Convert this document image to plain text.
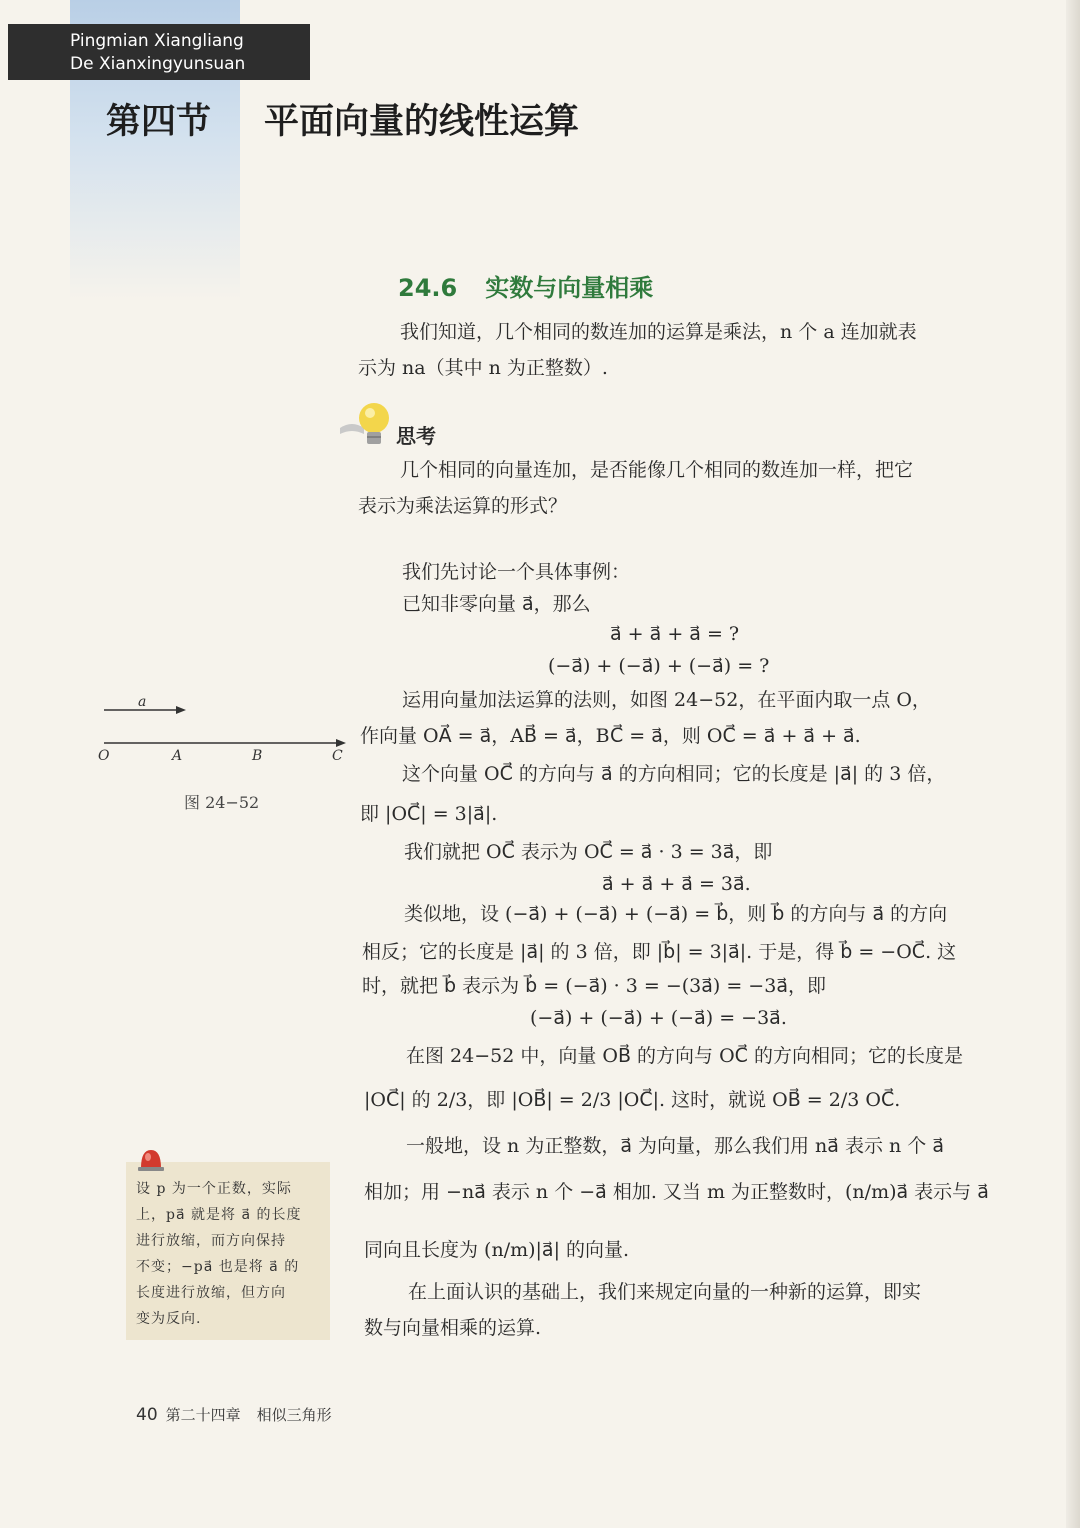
Pingmian Xiangliang
De Xianxingyunsuan
第四节 平面向量的线性运算
24.6 实数与向量相乘
我们知道，几个相同的数连加的运算是乘法，n 个 a 连加就表
示为 na（其中 n 为正整数）.
思考
几个相同的向量连加，是否能像几个相同的数连加一样，把它
表示为乘法运算的形式？
我们先讨论一个具体事例：
已知非零向量 a⃗，那么
a⃗ + a⃗ + a⃗ = ?
(−a⃗) + (−a⃗) + (−a⃗) = ?
运用向量加法运算的法则，如图 24−52，在平面内取一点 O，
作向量 OA⃗ = a⃗，AB⃗ = a⃗，BC⃗ = a⃗，则 OC⃗ = a⃗ + a⃗ + a⃗.
这个向量 OC⃗ 的方向与 a⃗ 的方向相同；它的长度是 |a⃗| 的 3 倍，
即 |OC⃗| = 3|a⃗|.
我们就把 OC⃗ 表示为 OC⃗ = a⃗ · 3 = 3a⃗，即
a⃗ + a⃗ + a⃗ = 3a⃗.
类似地，设 (−a⃗) + (−a⃗) + (−a⃗) = b⃗，则 b⃗ 的方向与 a⃗ 的方向
相反；它的长度是 |a⃗| 的 3 倍，即 |b⃗| = 3|a⃗|. 于是，得 b⃗ = −OC⃗. 这
时，就把 b⃗ 表示为 b⃗ = (−a⃗) · 3 = −(3a⃗) = −3a⃗，即
(−a⃗) + (−a⃗) + (−a⃗) = −3a⃗.
在图 24−52 中，向量 OB⃗ 的方向与 OC⃗ 的方向相同；它的长度是
|OC⃗| 的 2/3，即 |OB⃗| = 2/3 |OC⃗|. 这时，就说 OB⃗ = 2/3 OC⃗.
一般地，设 n 为正整数，a⃗ 为向量，那么我们用 na⃗ 表示 n 个 a⃗
相加；用 −na⃗ 表示 n 个 −a⃗ 相加. 又当 m 为正整数时，(n/m)a⃗ 表示与 a⃗
同向且长度为 (n/m)|a⃗| 的向量.
在上面认识的基础上，我们来规定向量的一种新的运算，即实
数与向量相乘的运算.
a
O	A	B	C
图 24−52
设 p 为一个正数，实际
上，pa⃗ 就是将 a⃗ 的长度
进行放缩，而方向保持
不变；−pa⃗ 也是将 a⃗ 的
长度进行放缩，但方向
变为反向.
40 第二十四章 相似三角形
